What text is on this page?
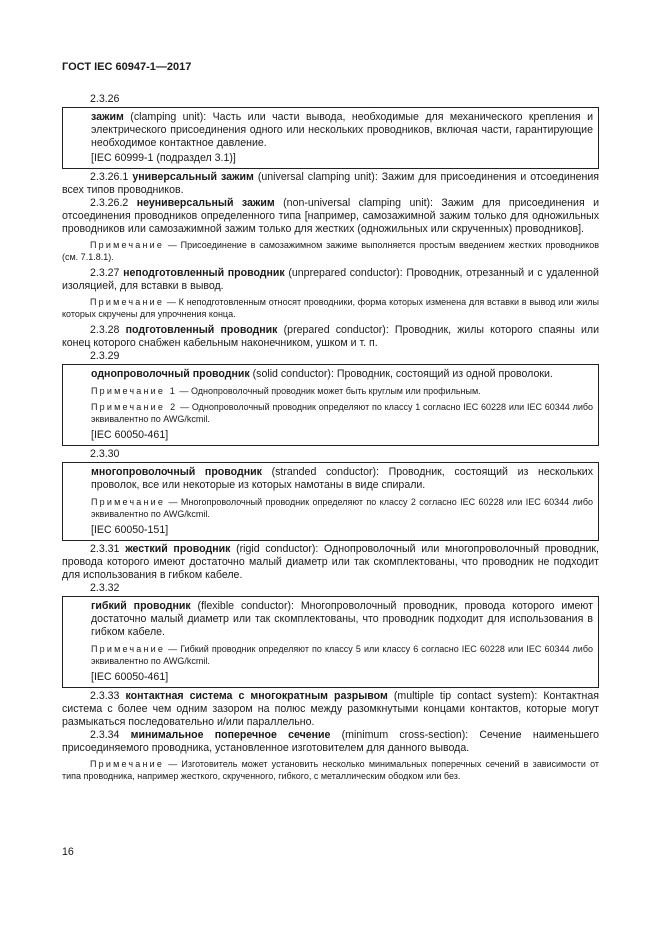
ГОСТ IEC 60947-1—2017

2.3.26

зажим (clamping unit): Часть или части вывода, необходимые для механического крепления и электрического присоединения одного или нескольких проводников, включая части, гарантирующие необходимое контактное давление.

[IEC 60999-1 (подраздел 3.1)]

2.3.26.1 универсальный зажим (universal clamping unit): Зажим для присоединения и отсоединения всех типов проводников.

2.3.26.2 неуниверсальный зажим (non-universal clamping unit): Зажим для присоединения и отсоединения проводников определенного типа [например, самозажимной зажим только для одножильных проводников или самозажимной зажим только для жестких (одножильных или скрученных) проводников].

Примечание — Присоединение в самозажимном зажиме выполняется простым введением жестких проводников (см. 7.1.8.1).

2.3.27 неподготовленный проводник (unprepared conductor): Проводник, отрезанный и с удаленной изоляцией, для вставки в вывод.

Примечание — К неподготовленным относят проводники, форма которых изменена для вставки в вывод или жилы которых скручены для упрочнения конца.

2.3.28 подготовленный проводник (prepared conductor): Проводник, жилы которого спаяны или конец которого снабжен кабельным наконечником, ушком и т. п.

2.3.29

однопроволочный проводник (solid conductor): Проводник, состоящий из одной проволоки.

Примечание 1 — Однопроволочный проводник может быть круглым или профильным.

Примечание 2 — Однопроволочный проводник определяют по классу 1 согласно IEC 60228 или IEC 60344 либо эквивалентно по AWG/kcmil.

[IEC 60050-461]

2.3.30

многопроволочный проводник (stranded conductor): Проводник, состоящий из нескольких проволок, все или некоторые из которых намотаны в виде спирали.

Примечание — Многопроволочный проводник определяют по классу 2 согласно IEC 60228 или IEC 60344 либо эквивалентно по AWG/kcmil.

[IEC 60050-151]

2.3.31 жесткий проводник (rigid conductor): Однопроволочный или многопроволочный проводник, провода которого имеют достаточно малый диаметр или так скомплектованы, что проводник не подходит для использования в гибком кабеле.

2.3.32

гибкий проводник (flexible conductor): Многопроволочный проводник, провода которого имеют достаточно малый диаметр или так скомплектованы, что проводник подходит для использования в гибком кабеле.

Примечание — Гибкий проводник определяют по классу 5 или классу 6 согласно IEC 60228 или IEC 60344 либо эквивалентно по AWG/kcmil.

[IEC 60050-461]

2.3.33 контактная система с многократным разрывом (multiple tip contact system): Контактная система с более чем одним зазором на полюс между разомкнутыми концами контактов, которые могут размыкаться последовательно и/или параллельно.

2.3.34 минимальное поперечное сечение (minimum cross-section): Сечение наименьшего присоединяемого проводника, установленное изготовителем для данного вывода.

Примечание — Изготовитель может установить несколько минимальных поперечных сечений в зависимости от типа проводника, например жесткого, скрученного, гибкого, с металлическим ободком или без.

16
